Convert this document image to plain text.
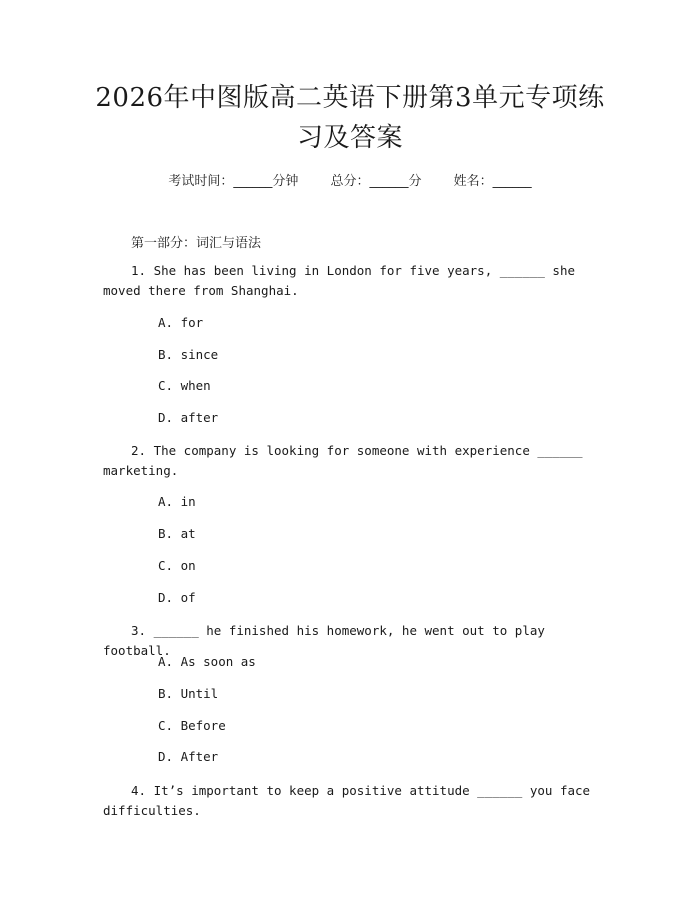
2026年中图版高二英语下册第3单元专项练
习及答案
考试时间：______分钟 总分：______分 姓名：______
第一部分：词汇与语法
1. She has been living in London for five years, ______ she moved there from Shanghai.
A. for
B. since
C. when
D. after
2. The company is looking for someone with experience ______ marketing.
A. in
B. at
C. on
D. of
3. ______ he finished his homework, he went out to play football.
A. As soon as
B. Until
C. Before
D. After
4. It’s important to keep a positive attitude ______ you face difficulties.
